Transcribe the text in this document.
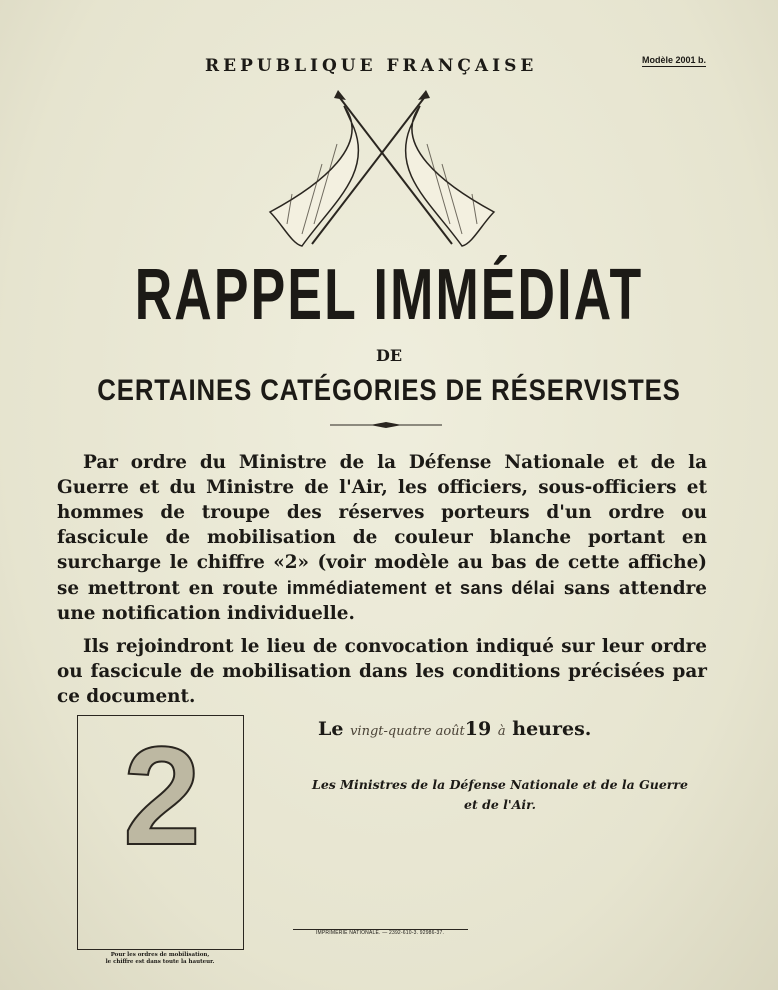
REPUBLIQUE FRANÇAISE	Modèle 2001 b.
RAPPEL IMMÉDIAT
DE
CERTAINES CATÉGORIES DE RÉSERVISTES

Par ordre du Ministre de la Défense Nationale et de la Guerre et du Ministre de l'Air, les officiers, sous-officiers et hommes de troupe des réserves porteurs d'un ordre ou fascicule de mobilisation de couleur blanche portant en surcharge le chiffre «2» (voir modèle au bas de cette affiche) se mettront en route immédiatement et sans délai sans attendre une notification individuelle.

Ils rejoindront le lieu de convocation indiqué sur leur ordre ou fascicule de mobilisation dans les conditions précisées par ce document.

2
Pour les ordres de mobilisation,
le chiffre est dans toute la hauteur.
Le vingt-quatre août19 à heures.
Les Ministres de la Défense Nationale et de la Guerre
et de l'Air.
IMPRIMERIE NATIONALE. — 2392-610-3. 92986-37.
